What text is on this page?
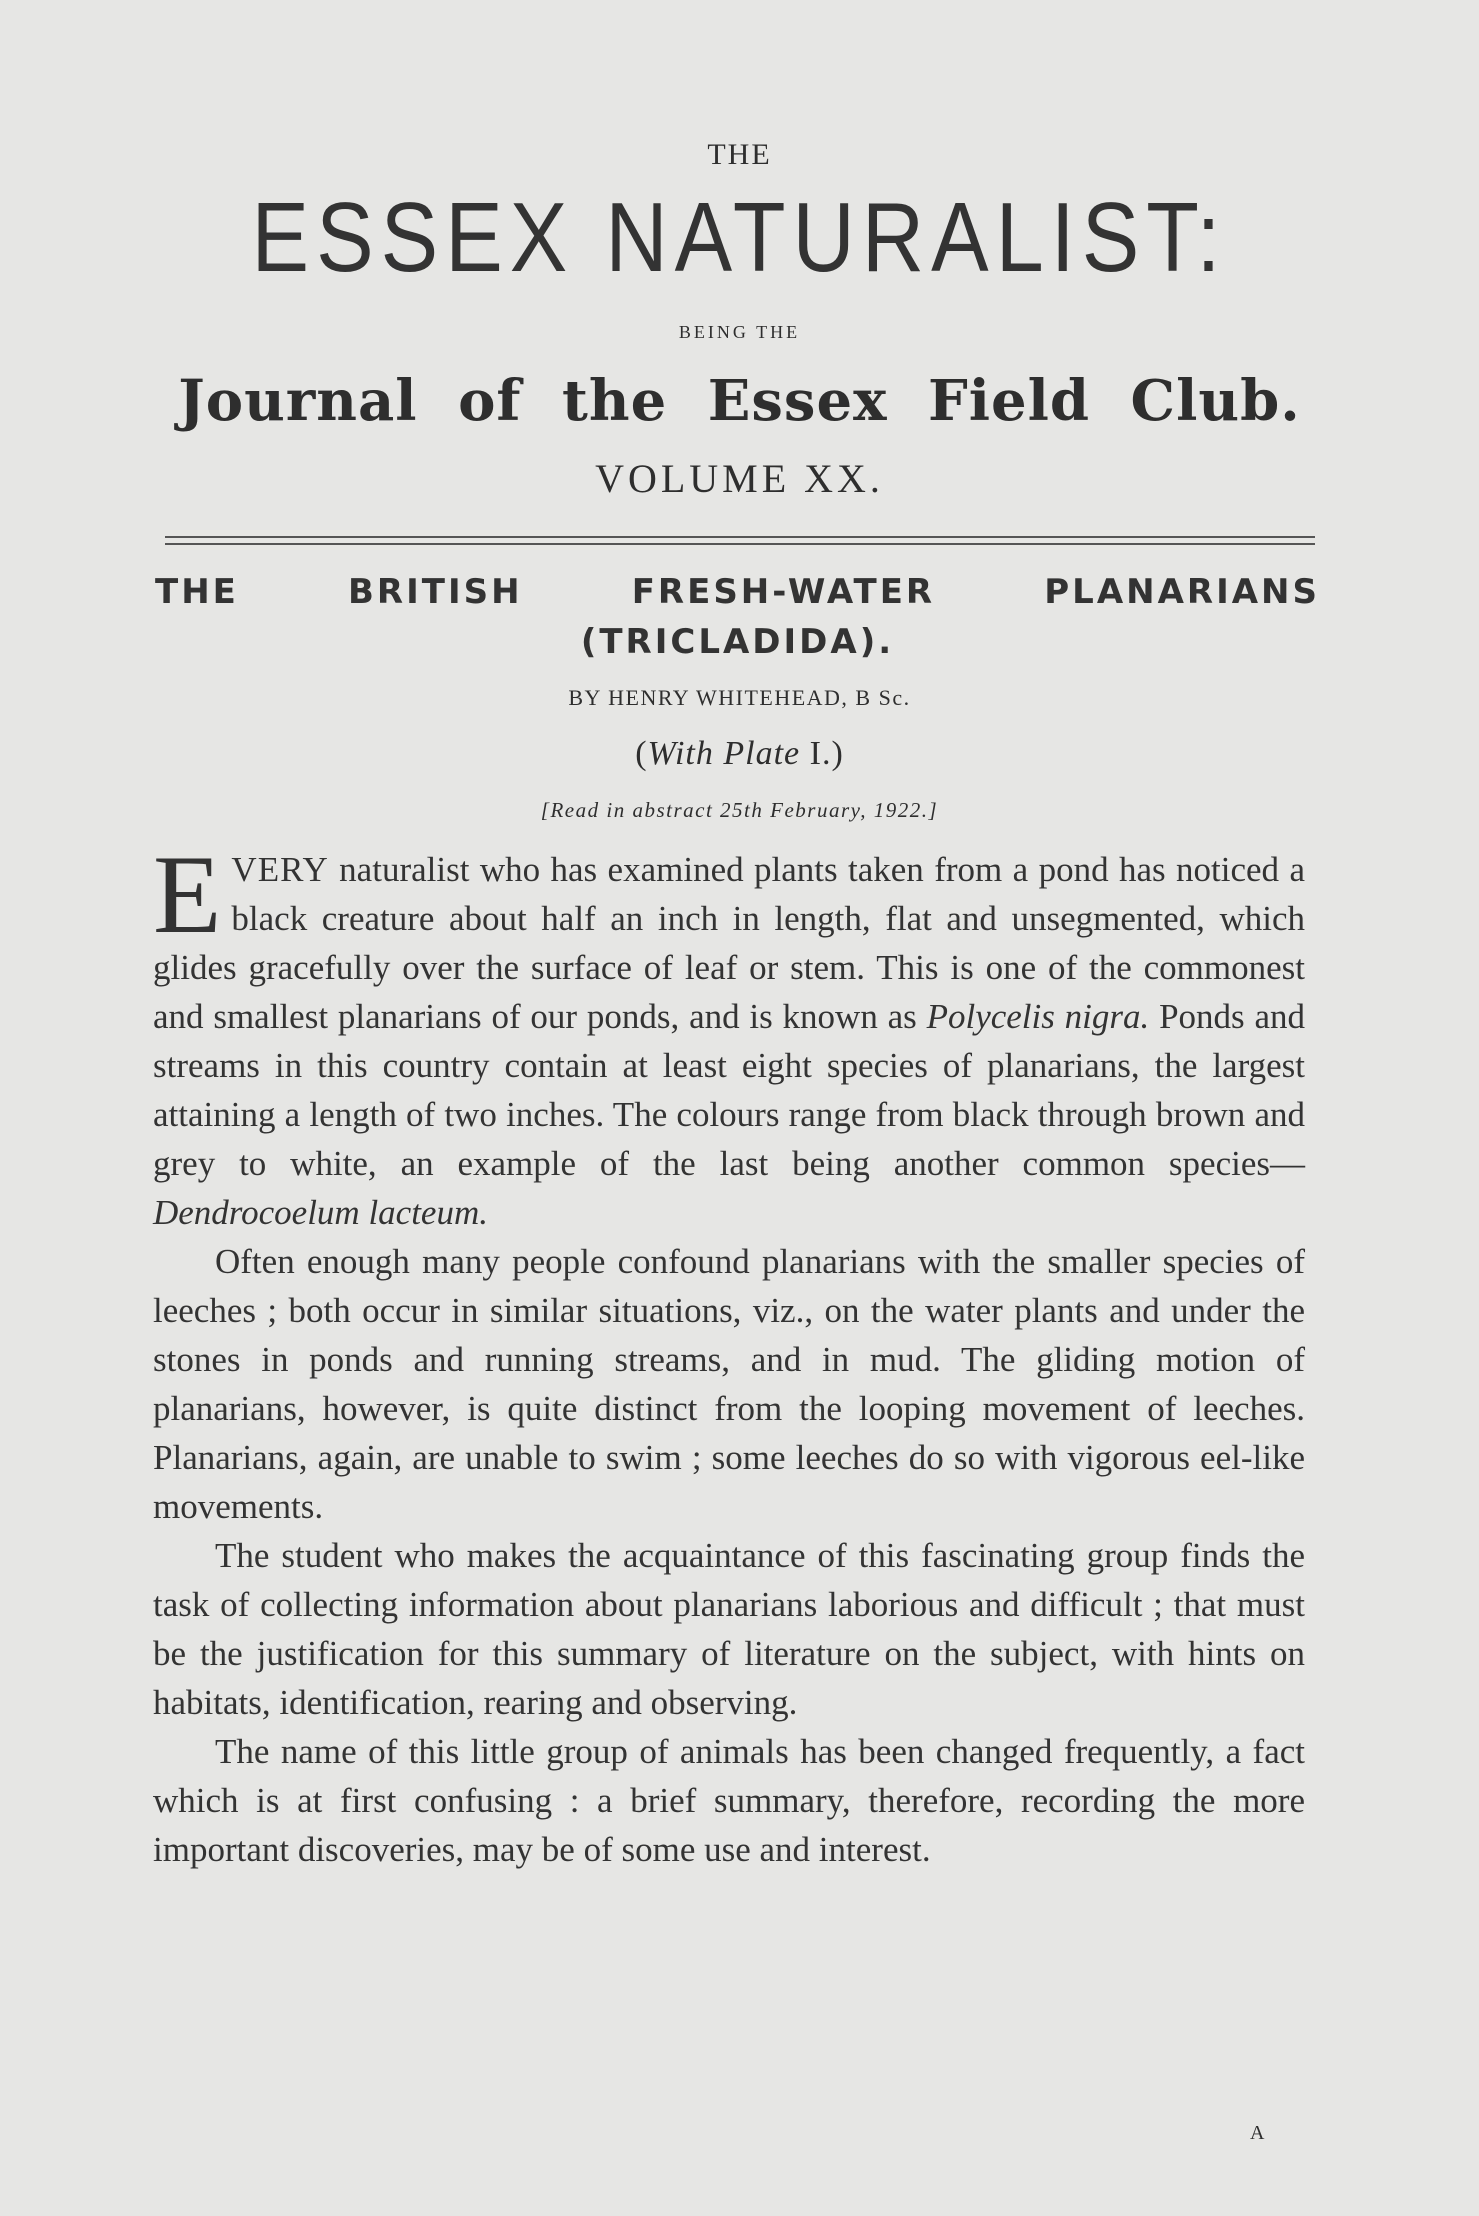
THE
ESSEX NATURALIST:
BEING THE
Journal of the Essex Field Club.
VOLUME XX.
THE	BRITISH	FRESH-WATER	PLANARIANS
(TRICLADIDA).
BY HENRY WHITEHEAD, B Sc.
(With Plate I.)
[Read in abstract 25th February, 1922.]

EVERY naturalist who has examined plants taken from a pond has noticed a black creature about half an inch in length, flat and unsegmented, which glides gracefully over the surface of leaf or stem. This is one of the commonest and smallest planarians of our ponds, and is known as Polycelis nigra. Ponds and streams in this country contain at least eight species of planarians, the largest attaining a length of two inches. The colours range from black through brown and grey to white, an example of the last being another common species—Dendrocoelum lacteum.

Often enough many people confound planarians with the smaller species of leeches ; both occur in similar situations, viz., on the water plants and under the stones in ponds and running streams, and in mud. The gliding motion of planarians, however, is quite distinct from the looping movement of leeches. Planarians, again, are unable to swim ; some leeches do so with vigorous eel-like movements.

The student who makes the acquaintance of this fascinating group finds the task of collecting information about planarians laborious and difficult ; that must be the justification for this summary of literature on the subject, with hints on habitats, identification, rearing and observing.

The name of this little group of animals has been changed frequently, a fact which is at first confusing : a brief summary, therefore, recording the more important discoveries, may be of some use and interest.

A
